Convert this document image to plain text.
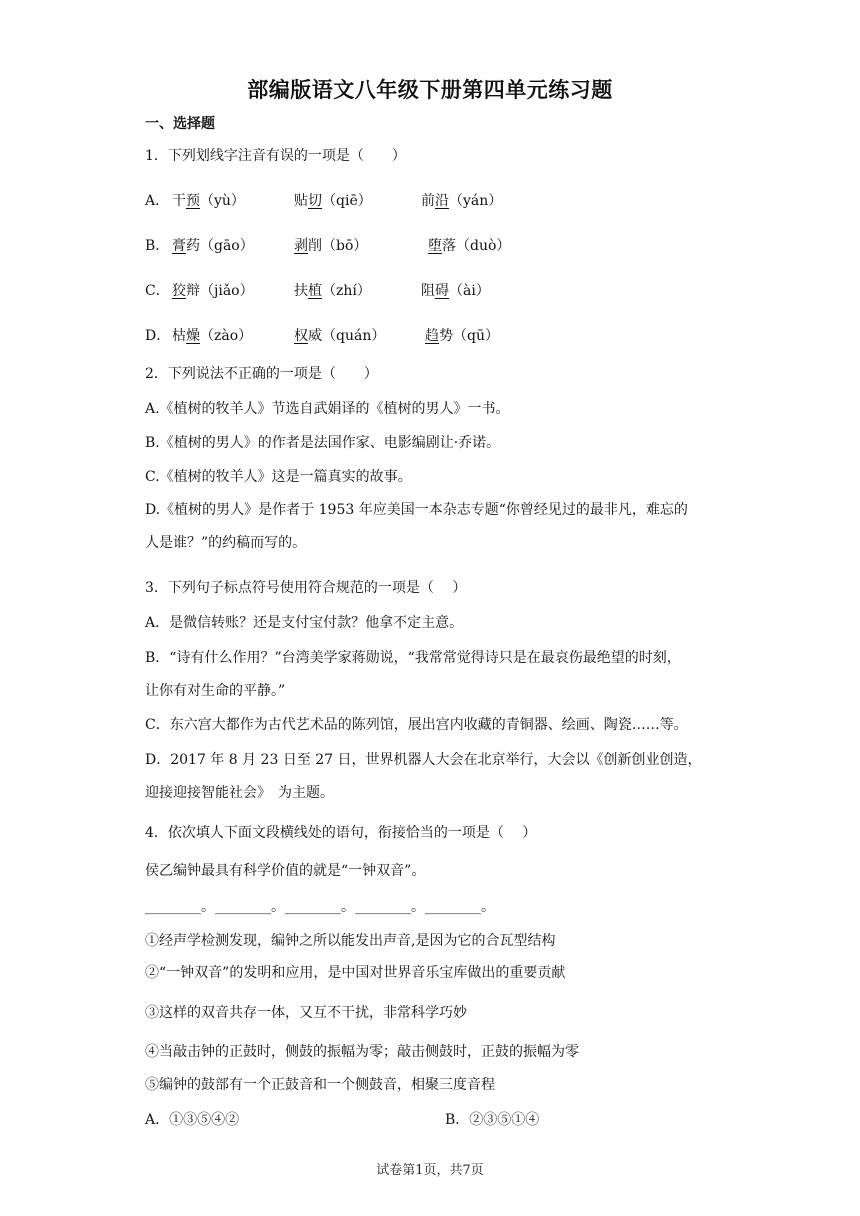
部编版语文八年级下册第四单元练习题
一、选择题
1．下列划线字注音有误的一项是（　　）
A． 干预（yù）	贴切（qiē）	前沿（yán）
B． 膏药（gāo）	剥削（bō）	堕落（duò）
C． 狡辩（jiǎo）	扶植（zhí）	阻碍（ài）
D． 枯燥（zào）	权威（quán）	趋势（qū）
2．下列说法不正确的一项是（　　）
A.《植树的牧羊人》节选自武娟译的《植树的男人》一书。
B.《植树的男人》的作者是法国作家、电影编剧让·乔诺。
C.《植树的牧羊人》这是一篇真实的故事。
D.《植树的男人》是作者于 1953 年应美国一本杂志专题“你曾经见过的最非凡，难忘的
人是谁？”的约稿而写的。
3．下列句子标点符号使用符合规范的一项是（　 ）
A．是微信转账？还是支付宝付款？他拿不定主意。
B．“诗有什么作用？”台湾美学家蒋勋说，“我常常觉得诗只是在最哀伤最绝望的时刻，
让你有对生命的平静。”
C．东六宫大都作为古代艺术品的陈列馆，展出宫内收藏的青铜器、绘画、陶瓷……等。
D．2017 年 8 月 23 日至 27 日，世界机器人大会在北京举行，大会以《创新创业创造，
迎接迎接智能社会》　为主题。
4．依次填人下面文段横线处的语句，衔接恰当的一项是（　 ）
侯乙编钟最具有科学价值的就是“一钟双音”。
________。________。________。________。________。
①经声学检测发现，编钟之所以能发出声音,是因为它的合瓦型结构
②“一钟双音”的发明和应用，是中国对世界音乐宝库做出的重要贡献
③这样的双音共存一体，又互不干扰，非常科学巧妙
④当敲击钟的正鼓时，侧鼓的振幅为零；敲击侧鼓时，正鼓的振幅为零
⑤编钟的鼓部有一个正鼓音和一个侧鼓音，相聚三度音程
A．①③⑤④②	B．②③⑤①④
试卷第1页，共7页
